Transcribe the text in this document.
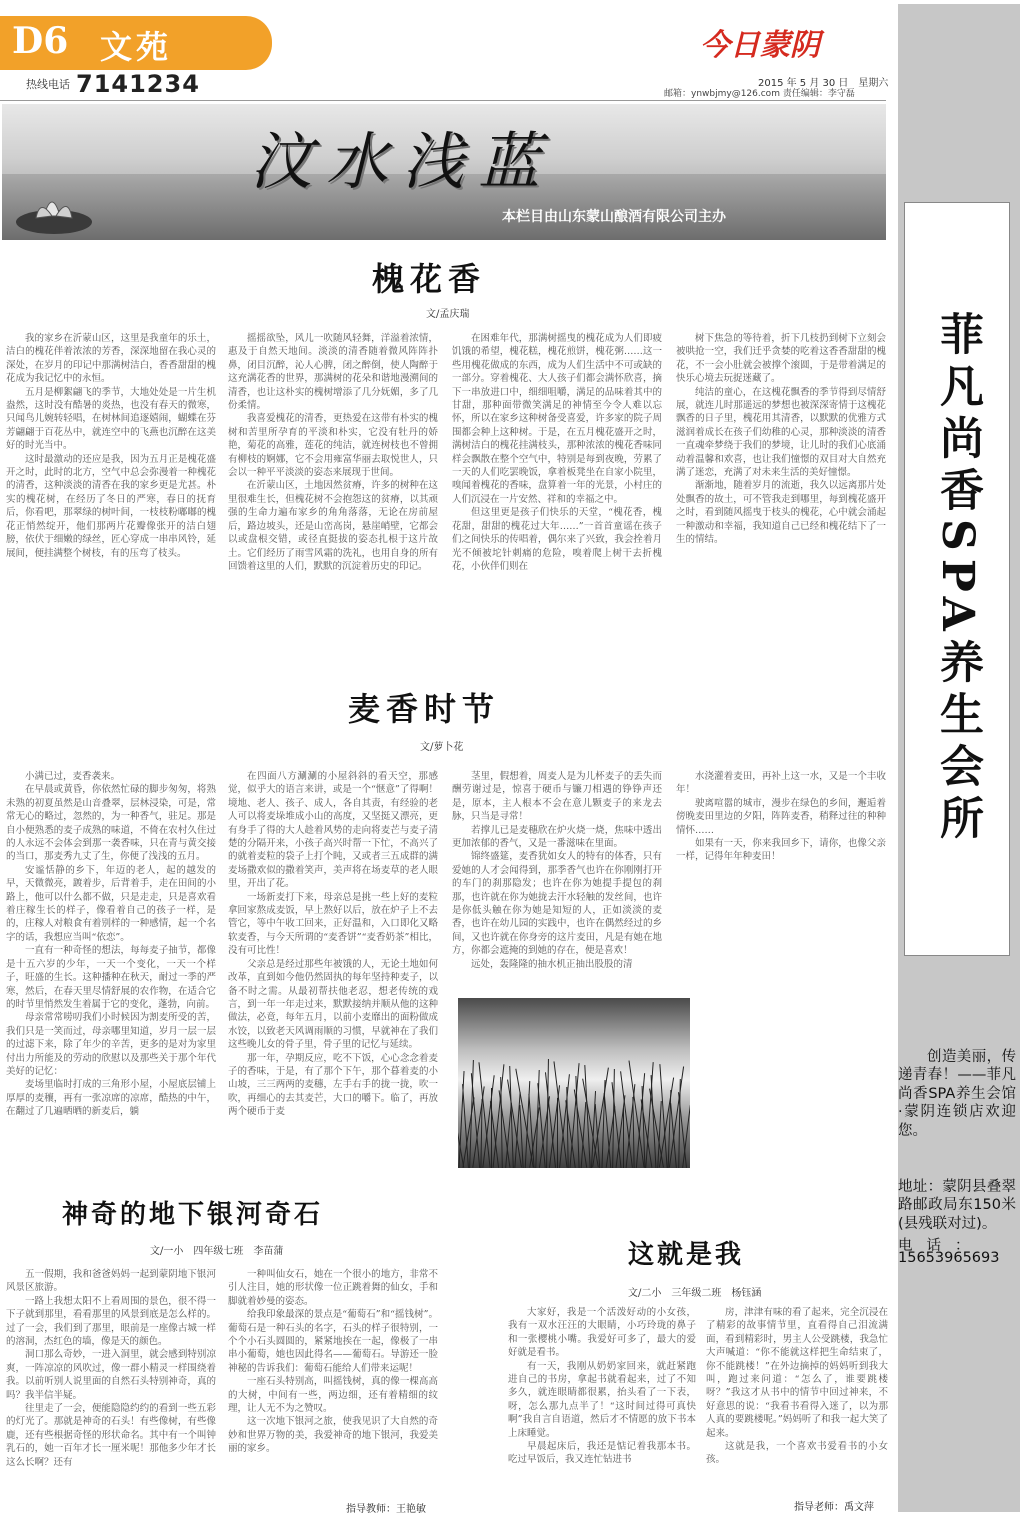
D6 文苑
热线电话 7141234
今日蒙阴
2015 年 5 月 30 日　星期六
邮箱：ynwbjmy@126.com 责任编辑：李守磊
汶水浅蓝
本栏目由山东蒙山酿酒有限公司主办
槐花香
文/孟庆瑞

我的家乡在沂蒙山区，这里是我童年的乐土，洁白的槐花伴着浓浓的芳香，深深地留在我心灵的深处，在岁月的印记中那满树洁白，香香甜甜的槐花成为我记忆中的永恒。

五月是柳絮翩飞的季节，大地处处是一片生机盎然，这时没有酷暑的炎热，也没有春天的微寒，只闻鸟儿婉转轻唱，在树林间追逐嬉闹，蝴蝶在芬芳翩翩于百花丛中，就连空中的飞燕也沉醉在这美好的时光当中。

这时最激动的还应是我，因为五月正是槐花盛开之时，此时的北方，空气中总会弥漫着一种槐花的清香，这种淡淡的清香在我的家乡更是尤甚。朴实的槐花树，在经历了冬日的严寒，春日的抚育后，你看吧，那翠绿的树叶间，一枝枝粉嘟嘟的槐花正悄然绽开，他们那两片花瓣像张开的洁白翅膀，依伏于细嫩的绿丝，匠心穿成一串串风铃，延展间，便挂满整个树枝，有的压弯了枝头。

摇摇欲坠，风儿一吹随风轻舞，洋溢着浓情，惠及于自然天地间。淡淡的清香随着微风阵阵扑鼻，闭目沉醉，沁人心脾，闭之醉倒，使人陶醉于这充满花香的世界，那满树的花朵和谐地漫溯间的清香，也让这朴实的槐树增添了几分妩媚，多了几份柔情。

我喜爱槐花的清香，更热爱在这带有朴实的槐树和苦里所孕育的平淡和朴实，它没有牡丹的娇艳，菊花的高雅，莲花的纯洁，就连树枝也不曾拥有柳枝的婀娜，它不会用雍富华丽去取悦世人，只会以一种平平淡淡的姿态来展现于世间。

在沂蒙山区，土地因然贫瘠，许多的树种在这里很难生长，但槐花树不会抱怨这的贫瘠，以其顽强的生命力遍布家乡的角角落落，无论在房前屋后，路边坡头，还是山峦高岗，悬崖峭壁，它都会以或盘根交错，或径直挺拔的姿态扎根于这片故土。它们经历了雨雪风霜的洗礼，也用自身的所有回馈着这里的人们，默默的沉淀着历史的印记。

在困难年代，那满树摇曳的槐花成为人们即疲饥饿的希望，槐花糕，槐花煎饼，槐花粥……这一些用槐花做成的东西，成为人们生活中不可或缺的一部分。穿着槐花、大人孩子们都会满怀欣喜，摘下一串放进口中，细细咀嚼，满足的品味着其中的甘甜，那种面带微笑满足的神情至今令人难以忘怀，所以在家乡这种树备受喜爱，许多家的院子周围都会种上这种树。于是，在五月槐花盛开之时，满树洁白的槐花挂满枝头，那种浓浓的槐花香味同样会飘散在整个空气中，特别是每到夜晚，劳累了一天的人们吃罢晚饭，拿着板凳坐在自家小院里，嗅闻着槐花的香味，盘算着一年的光景，小村庄的人们沉浸在一片安然、祥和的幸福之中。

但这里更是孩子们快乐的天堂，“槐花香，槐花甜，甜甜的槐花过大年……”一首首童谣在孩子们之间快乐的传唱着，偶尔来了兴致，我会拴着月光不倾被坨针刺痛的危险，嗅着爬上树干去折槐花，小伙伴们则在

树下焦急的等待着，折下几枝扔到树下立刻会被哄抢一空，我们迁乎贪婪的吃着这香香甜甜的槐花，不一会小肚就会被撑个滚圆，于是带着满足的快乐心境去玩捉迷藏了。

纯洁的童心，在这槐花飘香的季节得到尽情舒展，就连儿时那遥远的梦想也被深深寄情于这槐花飘香的日子里，槐花用其清香，以默默的优雅方式滋润着成长在孩子们幼稚的心灵，那种淡淡的清香一直魂牵梦绕于我们的梦境，让儿时的我们心底涌动着温馨和欢喜，也让我们憧憬的双目对大自然充满了迷恋，充满了对未来生活的美好憧憬。

渐渐地，随着岁月的流逝，我久以远离那片处处飘香的故土，可不管我走到哪里，每到槐花盛开之时，看到随风摇曳于枝头的槐花，心中就会涌起一种激动和幸福，我知道自己已经和槐花结下了一生的情结。

麦香时节
文/萝卜花

小满已过，麦香袭来。

在早晨或黄昏，你依然忙碌的脚步匆匆，将熟未熟的初夏虽然是山音叠翠，层林浸染，可是，常常无心的略过，忽然的，为一种香气，驻足。那是自小便熟悉的麦子成熟的味道，不倚在农村久住过的人永远不会体会到那一袭香味，只在青与黄交接的当口，那麦秀九丈了生，你便了浅浅的五月。

安谧恬静的乡下，年迈的老人，起的越发的早，天微微亮，踱着步，后背着手，走在田间的小路上，他可以什么都不做，只是走走，只是喜欢看着庄稼生长的样子，像看着自己的孩子一样，是的，庄稼人对粮食有着别样的一种感情，起一个名字的话，我想应当叫“依恋”。

一直有一种奇怪的想法，每每麦子抽节，都像是十五六岁的少年，一天一个变化，一天一个样子，旺盛的生长。这种播种在秋天，耐过一季的严寒，然后，在春天里尽情舒展的农作物，在适合它的时节里悄然发生着属于它的变化，蓬勃，向前。

母亲常常唠叨我们小时候因为割麦所受的苦，我们只是一笑而过，母亲哪里知道，岁月一层一层的过滤下来，除了年少的辛苦，更多的是对为家里付出力所能及的劳动的欣慰以及那些关于那个年代美好的记忆：

麦场里临时打成的三角形小屋，小屋底层铺上厚厚的麦穰，再有一张凉席的凉席，酷热的中午，在翻过了几遍晒晒的新麦后，躺

在四面八方涮涮的小屋斜斜的看天空，那感觉，似乎大的语言来讲，或是一个“惬意”了得啊！境地、老人、孩子、成人，各自其责，有经验的老人可以将麦垛堆成小山的高度，又坚挺又漂亮，更有身手了得的大人趁着风势的走向将麦芒与麦子清楚的分隔开来，小孩子高兴时帮一下忙，不高兴了的就着麦粒的袋子上打个盹，又或者三五成群的满麦场撒欢似的撒着笑声，美声将在场麦草的老人眼里，开出了花。

一场新麦打下来，母亲总是挑一些上好的麦粒拿回家熬成麦饭，早上熬好以后，放在炉子上不去管它，等中午收工回来，正好温和，入口即化又略软麦香，与今天所谓的“麦香饼”“麦香奶茶”相比，没有可比性！

父亲总是经过那些年被饿的人，无论土地如何改革，直到如今他仍然固执的每年坚持种麦子，以备不时之需。从最初帮扶他老忍，想老传统的戏言，到一年一年走过来，默默接纳并顺从他的这种做法，必竟，每年五月，以前小麦靡出的面粉做成水饺，以致老天风调雨顺的习惯，早就神在了我们这些晚儿女的骨子里，骨子里的记忆与延续。

那一年，孕期反应，吃不下饭，心心念念着麦子的香味，于是，有了那个下午，那个暮着麦的小山坡，三三两两的麦穗，左手右手的拢一拢，吹一吹，再细心的去其麦芒，大口的嚼下。临了，再放两个硬币于麦

茎里，假想着，周麦人是为儿杯麦子的丢失而酬劳谢过是，惊喜于硬币与镰刀相遇的铮铮声还是，原本，主人根本不会在意儿颗麦子的来龙去脉，只当是寻常！

若撑儿已是麦穗欣在炉火烧一烧，焦味中透出更加浓郁的香气，又是一番滋味在里面。

锦终盛筵，麦香犹如女人的特有的体香，只有爱她的人才会闻得到，那季香气也许在你刚刚打开的车门的刹那隐发；也许在你为她提手提包的刹那，也许就在你为她拢去汗水轻触的发丝间，也许是你低头触在你为她是知短的人，正如淡淡的麦香，也许在幼儿园的实践中，也许在偶然经过的乡间，又也许就在你身旁的这片麦田，凡是有她在地方，你都会遮掩的到她的存在，便是喜欢！

远处，轰隆隆的抽水机正抽出股股的清

水浇灌着麦田，再补上这一水，又是一个丰收年！

驶离喧嚣的城市，漫步在绿色的乡间，邂逅着傍晚麦田里边的夕阳，阵阵麦香，稍释过往的种种情怀……

如果有一天，你来我回乡下，请你，也像父亲一样，记得年年种麦田！

神奇的地下银河奇石
文/一小　四年级七班　李苗蒲

五一假期，我和爸爸妈妈一起到蒙阴地下银河风景区旅游。

一路上我想太阳不上看周围的景色，很不得一下子就到那里，看看那里的风景到底是怎么样的。过了一会，我们到了那里，眼前是一座像古城一样的溶洞，杰红色的墙，像是天的颜色。

洞口那么奇妙，一进入洞里，就会感到特别凉爽，一阵凉凉的风吹过，像一群小精灵一样围绕着我。以前听别人说里面的自然石头特别神奇，真的吗？我半信半疑。

往里走了一会，便能隐隐约约的看到一些五彩的灯光了。那就是神奇的石头！有些像树，有些像鹿，还有些根据奇怪的形状命名。其中有一个叫钟乳石的，她一百年才长一厘米呢！那他多少年才长这么长啊？还有

一种叫仙女石，她在一个很小的地方，非常不引人注目，她的形状像一位正跳着舞的仙女，手和脚就着妙曼的姿态。

给我印象最深的景点是“葡萄石”和“摇钱树”。葡萄石是一种石头的名字，石头的样子很特别，一个个小石头圆圆的，紧紧地挨在一起，像极了一串串小葡萄，她也因此得名——葡萄石。导游还一脸神秘的告诉我们：葡萄石能给人们带来运呢！

一座石头特别高，叫摇钱树，真的像一棵高高的大树，中间有一些，两边细，还有着精细的纹理，让人无不为之赞叹。

这一次地下银河之旅，使我见识了大自然的奇妙和世界万物的美，我爱神奇的地下银河，我爱美丽的家乡。

指导教师：王艳敏
这就是我
文/二小　三年级二班　杨钰涵

大家好，我是一个活泼好动的小女孩，我有一双水汪汪的大眼睛，小巧玲珑的鼻子和一张樱桃小嘴。我爱好可多了，最大的爱好就是看书。

有一天，我刚从奶奶家回来，就赶紧跑进自己的书房，拿起书就看起来，过了不知多久，就连眼睛都很累，抬头看了一下表，呀，怎么那九点半了！“这时间过得可真快啊”我自言自语道，然后才不情愿的放下书本上床睡觉。

早晨起床后，我还是惦记着我那本书。吃过早饭后，我又连忙钻进书

房，津津有味的看了起来，完全沉浸在了精彩的故事情节里，直看得自己泪流满面，看到精彩时，男主人公受跳楼，我急忙大声喊道：“你不能就这样把生命结束了，你不能跳楼！”在外边摘掉的妈妈听到我大叫，跑过来问道：“怎么了，谁要跳楼呀？”我这才从书中的情节中回过神来，不好意思的说：“我看书看得入迷了，以为那人真的要跳楼呢。”妈妈听了和我一起大笑了起来。

这就是我，一个喜欢书爱看书的小女孩。

指导老师：禹文萍
菲凡尚香SPA养生会所

创造美丽，传递青春！——菲凡尚香SPA养生会馆·蒙阴连锁店欢迎您。

地址：蒙阴县叠翠路邮政局东150米(县残联对过)。
电话：
15653965693
